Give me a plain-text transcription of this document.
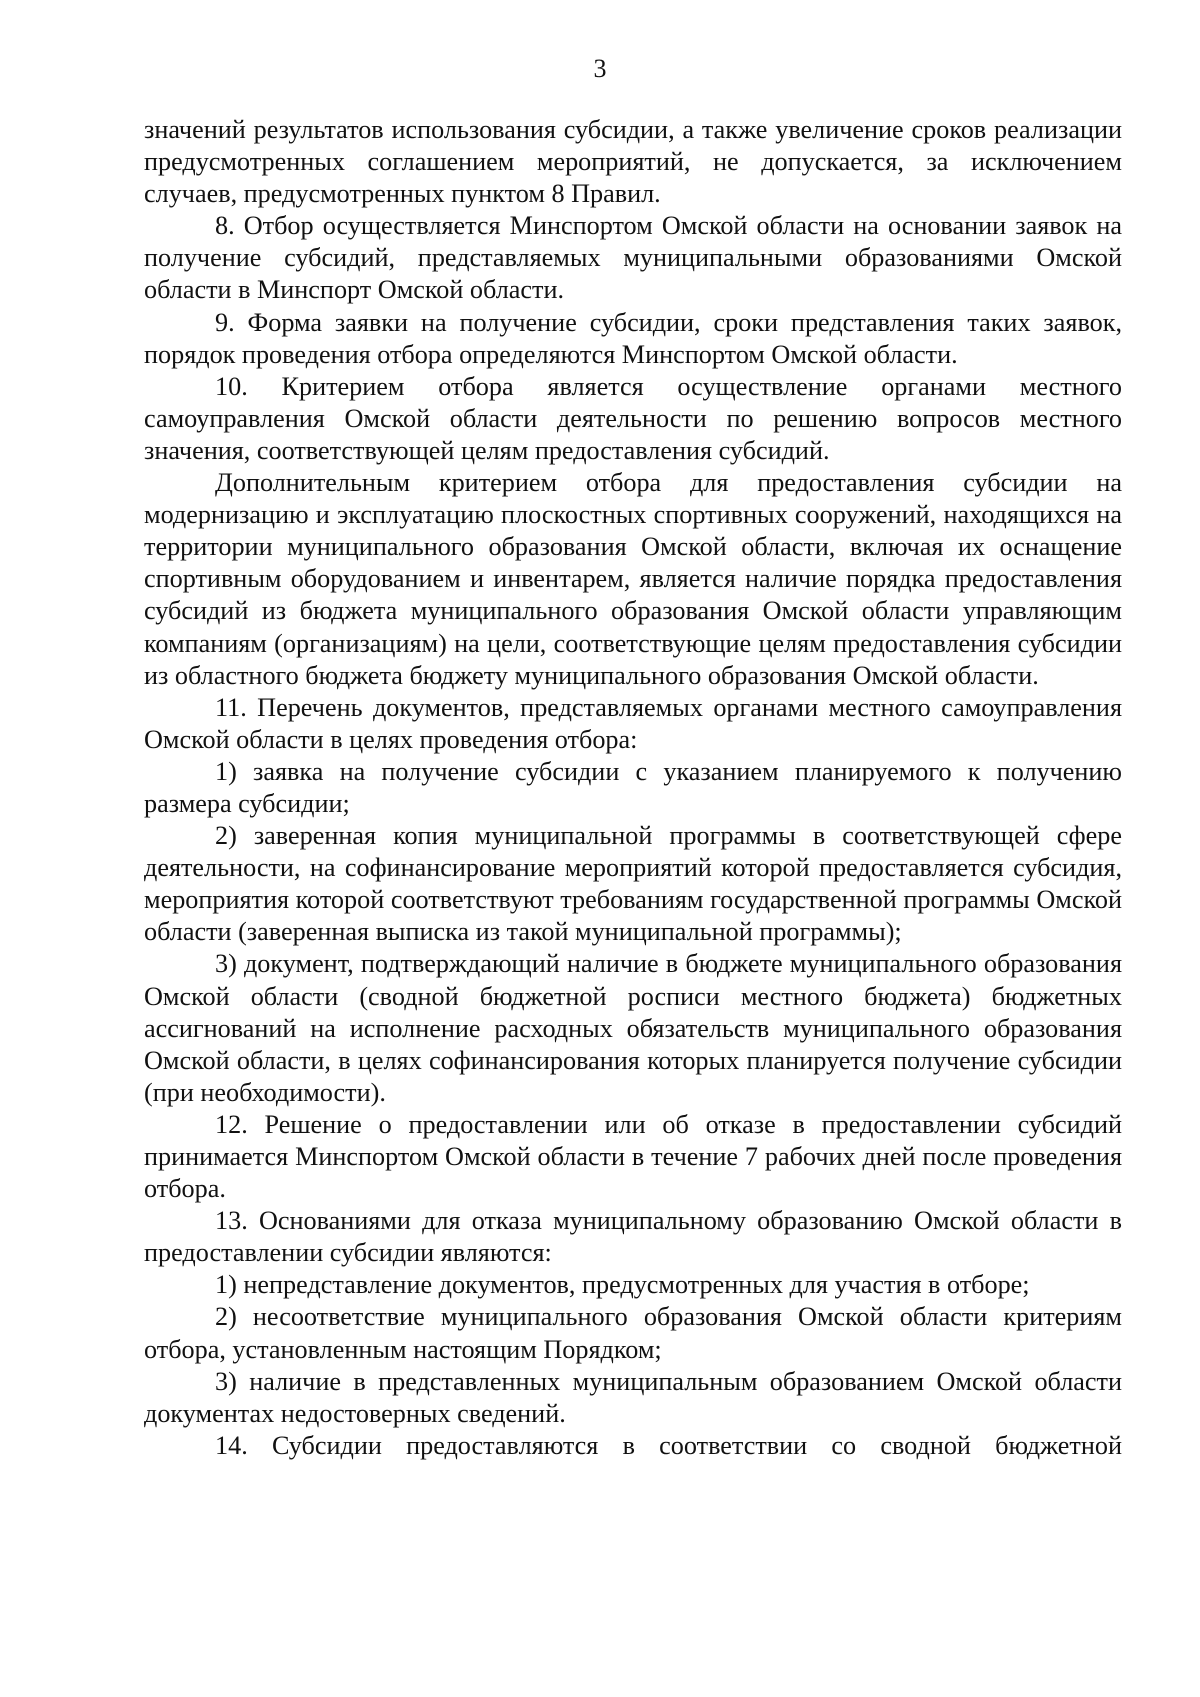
3

значений результатов использования субсидии, а также увеличение сроков реализации предусмотренных соглашением мероприятий, не допускается, за исключением случаев, предусмотренных пунктом 8 Правил.

8. Отбор осуществляется Минспортом Омской области на основании заявок на получение субсидий, представляемых муниципальными образованиями Омской области в Минспорт Омской области.

9. Форма заявки на получение субсидии, сроки представления таких заявок, порядок проведения отбора определяются Минспортом Омской области.

10. Критерием отбора является осуществление органами местного самоуправления Омской области деятельности по решению вопросов местного значения, соответствующей целям предоставления субсидий.

Дополнительным критерием отбора для предоставления субсидии на модернизацию и эксплуатацию плоскостных спортивных сооружений, находящихся на территории муниципального образования Омской области, включая их оснащение спортивным оборудованием и инвентарем, является наличие порядка предоставления субсидий из бюджета муниципального образования Омской области управляющим компаниям (организациям) на цели, соответствующие целям предоставления субсидии из областного бюджета бюджету муниципального образования Омской области.

11. Перечень документов, представляемых органами местного самоуправления Омской области в целях проведения отбора:

1) заявка на получение субсидии с указанием планируемого к получению размера субсидии;

2) заверенная копия муниципальной программы в соответствующей сфере деятельности, на софинансирование мероприятий которой предоставляется субсидия, мероприятия которой соответствуют требованиям государственной программы Омской области (заверенная выписка из такой муниципальной программы);

3) документ, подтверждающий наличие в бюджете муниципального образования Омской области (сводной бюджетной росписи местного бюджета) бюджетных ассигнований на исполнение расходных обязательств муниципального образования Омской области, в целях софинансирования которых планируется получение субсидии (при необходимости).

12. Решение о предоставлении или об отказе в предоставлении субсидий принимается Минспортом Омской области в течение 7 рабочих дней после проведения отбора.

13. Основаниями для отказа муниципальному образованию Омской области в предоставлении субсидии являются:

1) непредставление документов, предусмотренных для участия в отборе;

2) несоответствие муниципального образования Омской области критериям отбора, установленным настоящим Порядком;

3) наличие в представленных муниципальным образованием Омской области документах недостоверных сведений.

14. Субсидии предоставляются в соответствии со сводной бюджетной
